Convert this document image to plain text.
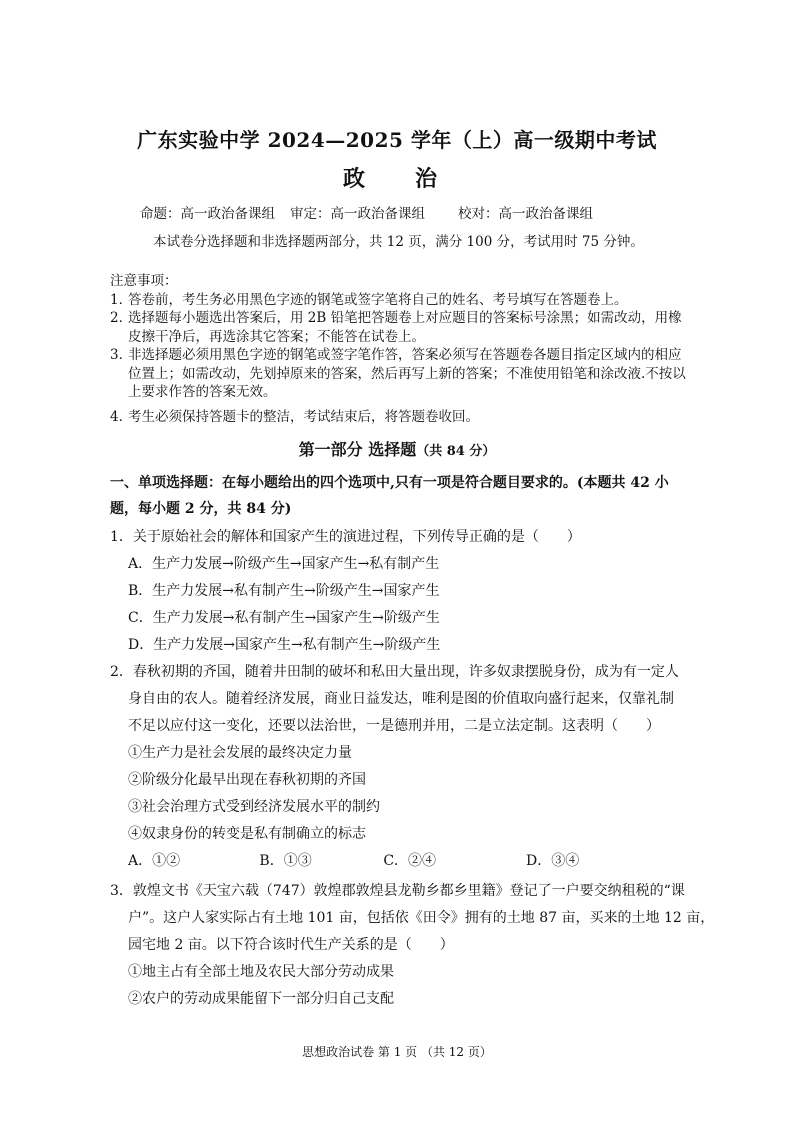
广东实验中学 2024—2025 学年（上）高一级期中考试
政　治
命题：高一政治备课组 审定：高一政治备课组 校对：高一政治备课组
本试卷分选择题和非选择题两部分，共 12 页，满分 100 分，考试用时 75 分钟。
注意事项：
1．
答卷前，考生务必用黑色字迹的钢笔或签字笔将自己的姓名、考号填写在答题卷上。
2．
选择题每小题选出答案后，用 2B 铅笔把答题卷上对应题目的答案标号涂黑；如需改动，用橡皮擦干净后，再选涂其它答案；不能答在试卷上。
3．
非选择题必须用黑色字迹的钢笔或签字笔作答，答案必须写在答题卷各题目指定区域内的相应位置上；如需改动，先划掉原来的答案，然后再写上新的答案；不准使用铅笔和涂改液.不按以上要求作答的答案无效。
4．
考生必须保持答题卡的整洁，考试结束后，将答题卷收回。
第一部分 选择题（共 84 分）
一、单项选择题：在每小题给出的四个选项中,只有一项是符合题目要求的。(本题共 42 小题，每小题 2 分，共 84 分)
1．关于原始社会的解体和国家产生的演进过程，下列传导正确的是（　　）
A．生产力发展→阶级产生→国家产生→私有制产生
B．生产力发展→私有制产生→阶级产生→国家产生
C．生产力发展→私有制产生→国家产生→阶级产生
D．生产力发展→国家产生→私有制产生→阶级产生
2．春秋初期的齐国，随着井田制的破坏和私田大量出现，许多奴隶摆脱身份，成为有一定人
身自由的农人。随着经济发展，商业日益发达，唯利是图的价值取向盛行起来，仅靠礼制
不足以应付这一变化，还要以法治世，一是德刑并用，二是立法定制。这表明（　　）
①生产力是社会发展的最终决定力量
②阶级分化最早出现在春秋初期的齐国
③社会治理方式受到经济发展水平的制约
④奴隶身份的转变是私有制确立的标志
A．①②	B．①③	C．②④	D．③④
3．敦煌文书《天宝六载（747）敦煌郡敦煌县龙勒乡都乡里籍》登记了一户要交纳租税的“课
户”。这户人家实际占有土地 101 亩，包括依《田令》拥有的土地 87 亩，买来的土地 12 亩，
园宅地 2 亩。以下符合该时代生产关系的是（　　）
①地主占有全部土地及农民大部分劳动成果
②农户的劳动成果能留下一部分归自己支配
思想政治试卷 第 1 页 （共 12 页）
